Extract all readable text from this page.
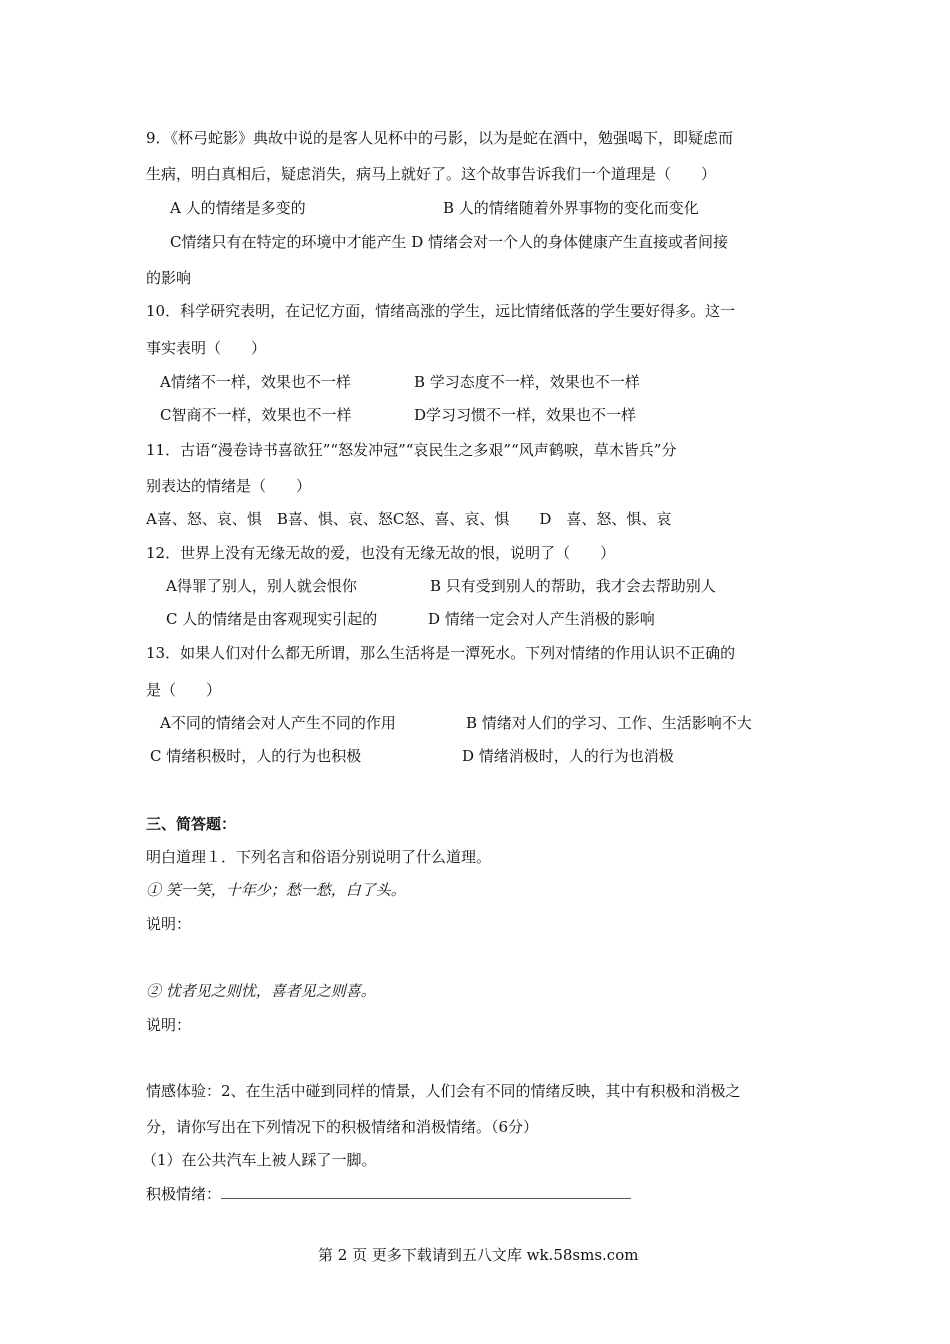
9．《杯弓蛇影》典故中说的是客人见杯中的弓影，以为是蛇在酒中，勉强喝下，即疑虑而
生病，明白真相后，疑虑消失，病马上就好了。这个故事告诉我们一个道理是（　　）
A 人的情绪是多变的	B 人的情绪随着外界事物的变化而变化
C情绪只有在特定的环境中才能产生 D 情绪会对一个人的身体健康产生直接或者间接
的影响
10．科学研究表明，在记忆方面，情绪高涨的学生，远比情绪低落的学生要好得多。这一
事实表明（　　）
A情绪不一样，效果也不一样	B 学习态度不一样，效果也不一样
C智商不一样，效果也不一样	D学习习惯不一样，效果也不一样
11．古语“漫卷诗书喜欲狂”“怒发冲冠”“哀民生之多艰”“风声鹤唳，草木皆兵”分
别表达的情绪是（　　）
A喜、怒、哀、惧　B喜、惧、哀、怒C怒、喜、哀、惧　　D　喜、怒、惧、哀
12．世界上没有无缘无故的爱，也没有无缘无故的恨，说明了（　　）
A得罪了别人，别人就会恨你	B 只有受到别人的帮助，我才会去帮助别人
C 人的情绪是由客观现实引起的	D 情绪一定会对人产生消极的影响
13．如果人们对什么都无所谓，那么生活将是一潭死水。下列对情绪的作用认识不正确的
是（　　）
A不同的情绪会对人产生不同的作用	B 情绪对人们的学习、工作、生活影响不大
C 情绪积极时，人的行为也积极	D 情绪消极时，人的行为也消极
三、简答题：
明白道理１．下列名言和俗语分别说明了什么道理。
① 笑一笑，十年少；愁一愁，白了头。
说明：
② 忧者见之则忧，喜者见之则喜。
说明：
情感体验：2、在生活中碰到同样的情景，人们会有不同的情绪反映，其中有积极和消极之
分，请你写出在下列情况下的积极情绪和消极情绪。（6分）
（1）在公共汽车上被人踩了一脚。
积极情绪：
第 2 页 更多下载请到五八文库 wk.58sms.com
